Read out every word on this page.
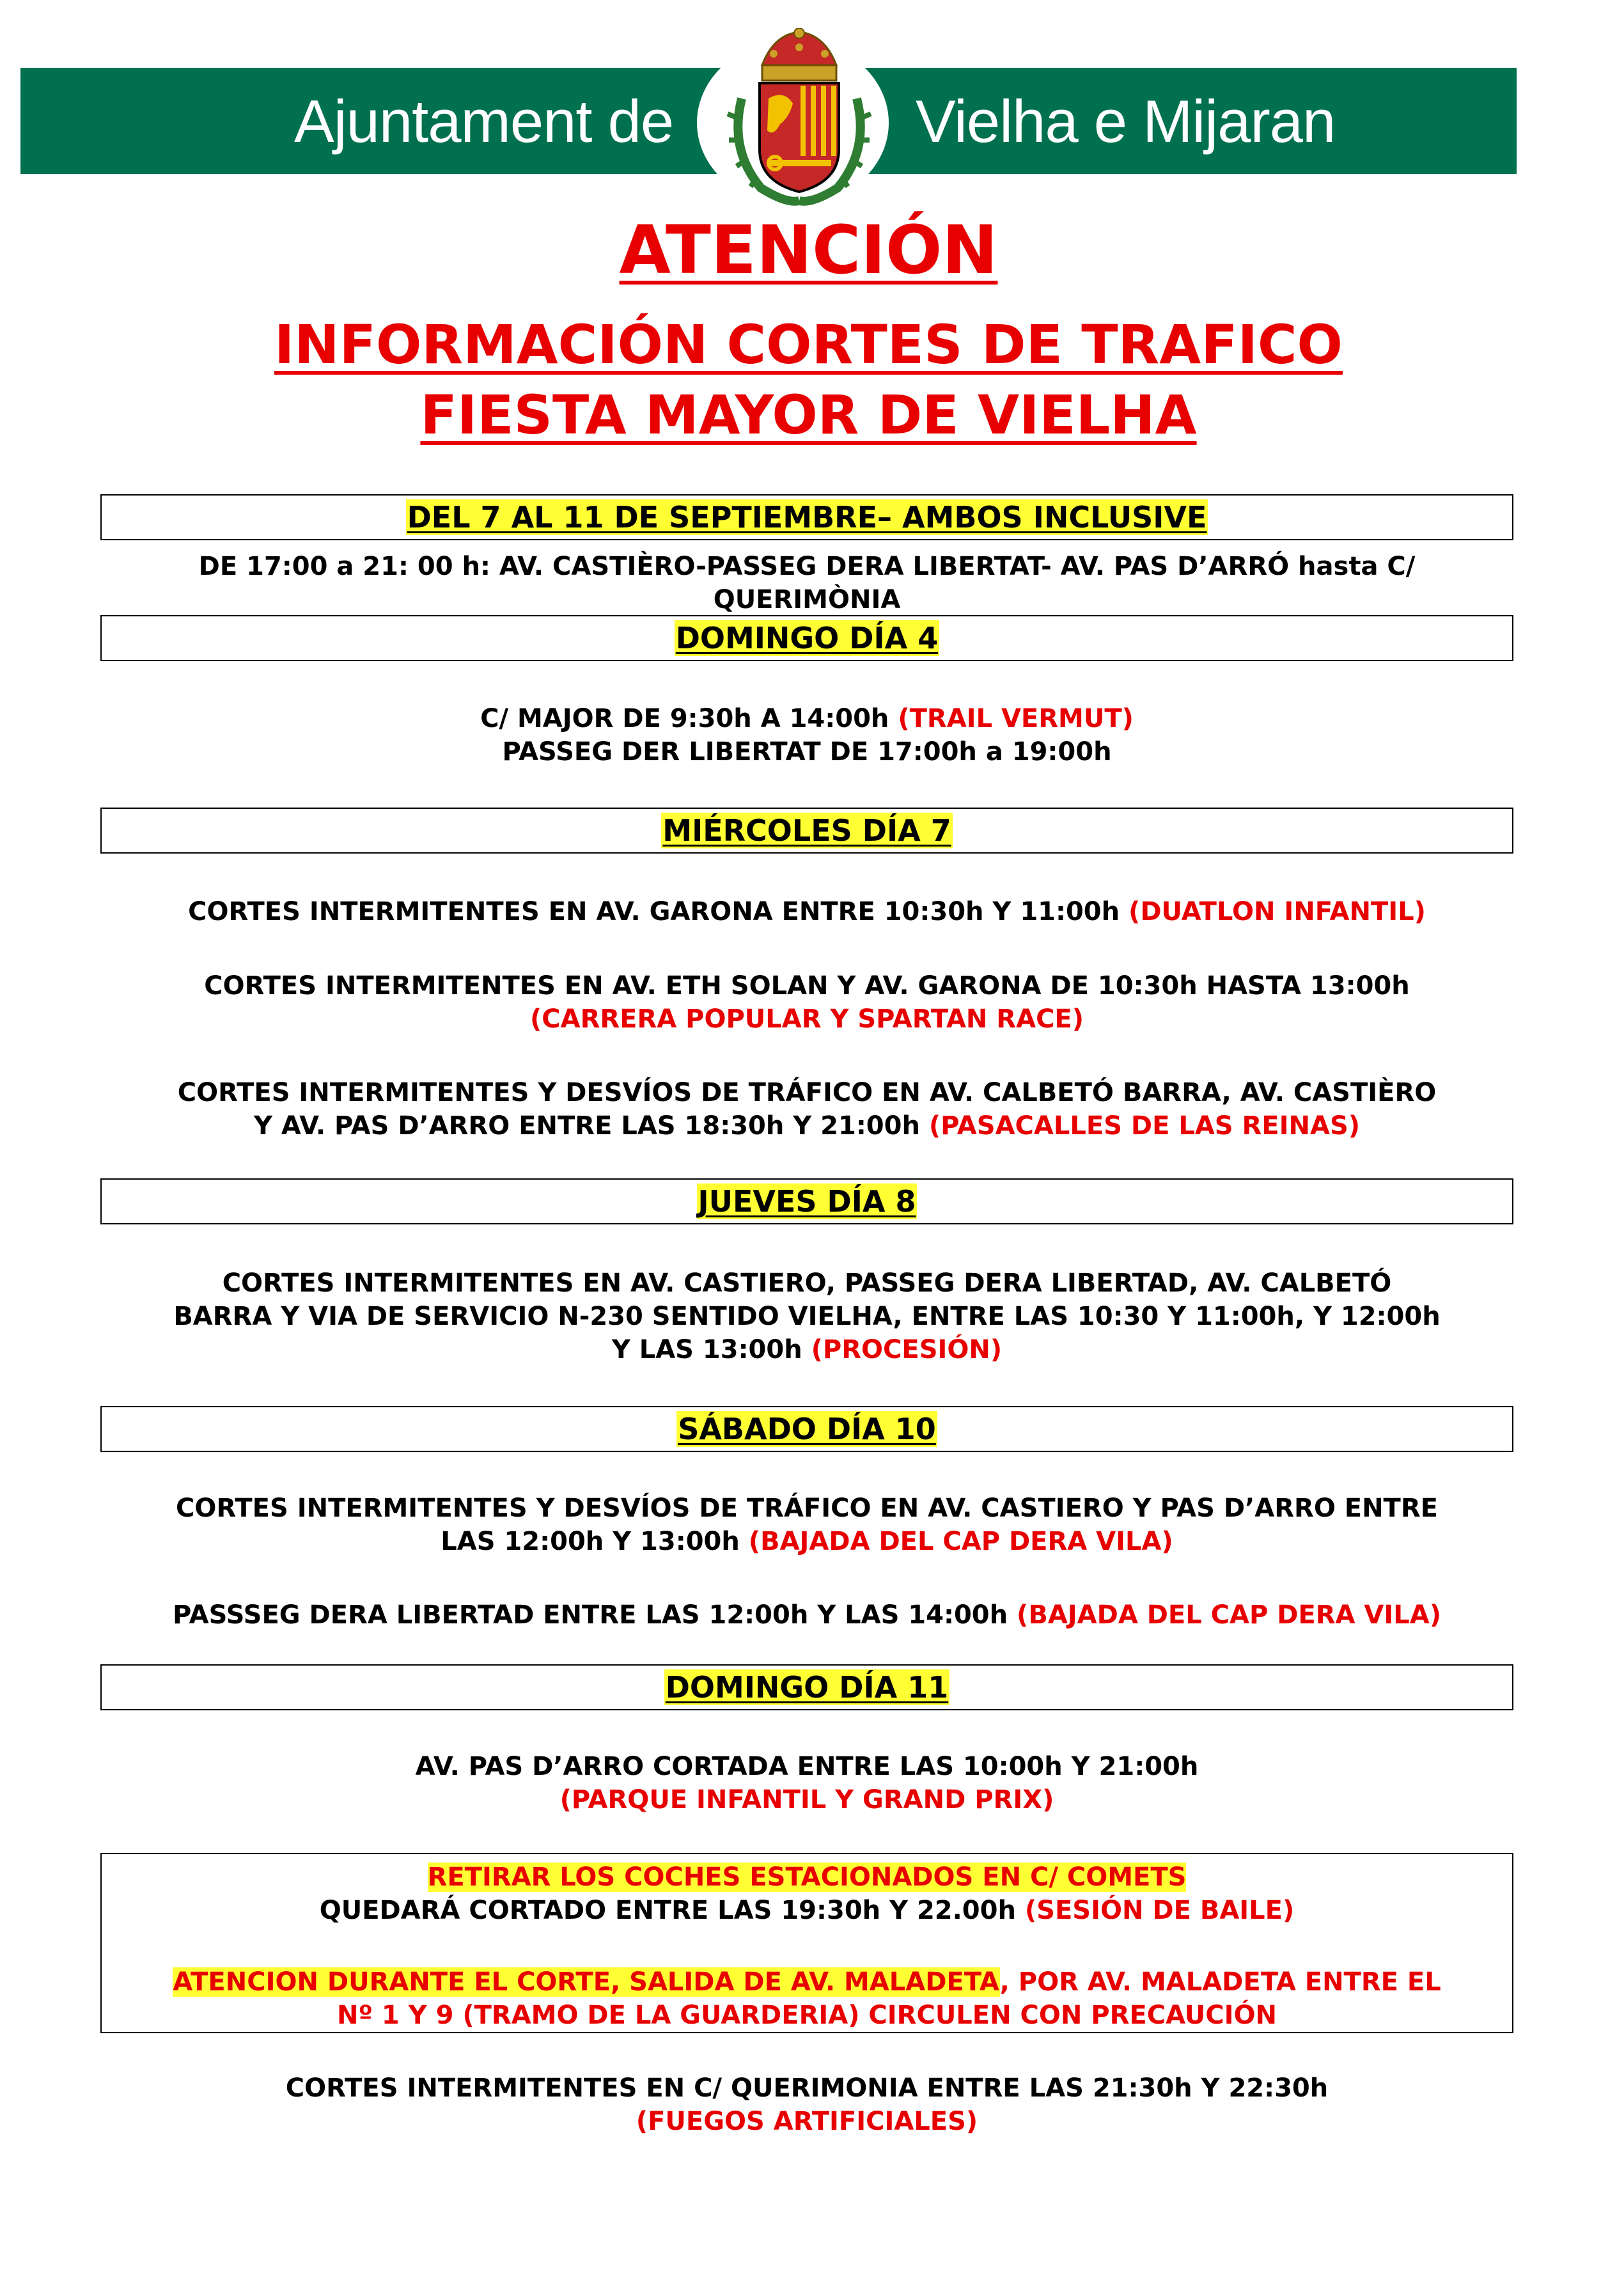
Ajuntament de	Vielha e Mijaran
ATENCIÓN
INFORMACIÓN CORTES DE TRAFICO
FIESTA MAYOR DE VIELHA
DEL 7 AL 11 DE SEPTIEMBRE– AMBOS INCLUSIVE
DE 17:00 a 21: 00 h: AV. CASTIÈRO-PASSEG DERA LIBERTAT- AV. PAS D’ARRÓ hasta C/
QUERIMÒNIA
DOMINGO DÍA 4
C/ MAJOR DE 9:30h A 14:00h (TRAIL VERMUT)
PASSEG DER LIBERTAT DE 17:00h a 19:00h
MIÉRCOLES DÍA 7
CORTES INTERMITENTES EN AV. GARONA ENTRE 10:30h Y 11:00h (DUATLON INFANTIL)
CORTES INTERMITENTES EN AV. ETH SOLAN Y AV. GARONA DE 10:30h HASTA 13:00h
(CARRERA POPULAR Y SPARTAN RACE)
CORTES INTERMITENTES Y DESVÍOS DE TRÁFICO EN AV. CALBETÓ BARRA, AV. CASTIÈRO
Y AV. PAS D’ARRO ENTRE LAS 18:30h Y 21:00h (PASACALLES DE LAS REINAS)
JUEVES DÍA 8
CORTES INTERMITENTES EN AV. CASTIERO, PASSEG DERA LIBERTAD, AV. CALBETÓ
BARRA Y VIA DE SERVICIO N-230 SENTIDO VIELHA, ENTRE LAS 10:30 Y 11:00h, Y 12:00h
Y LAS 13:00h (PROCESIÓN)
SÁBADO DÍA 10
CORTES INTERMITENTES Y DESVÍOS DE TRÁFICO EN AV. CASTIERO Y PAS D’ARRO ENTRE
LAS 12:00h Y 13:00h (BAJADA DEL CAP DERA VILA)
PASSSEG DERA LIBERTAD ENTRE LAS 12:00h Y LAS 14:00h (BAJADA DEL CAP DERA VILA)
DOMINGO DÍA 11
AV. PAS D’ARRO CORTADA ENTRE LAS 10:00h Y 21:00h
(PARQUE INFANTIL Y GRAND PRIX)
RETIRAR LOS COCHES ESTACIONADOS EN C/ COMETS
QUEDARÁ CORTADO ENTRE LAS 19:30h Y 22.00h (SESIÓN DE BAILE)
ATENCION DURANTE EL CORTE, SALIDA DE AV. MALADETA, POR AV. MALADETA ENTRE EL
Nº 1 Y 9 (TRAMO DE LA GUARDERIA) CIRCULEN CON PRECAUCIÓN
CORTES INTERMITENTES EN C/ QUERIMONIA ENTRE LAS 21:30h Y 22:30h
(FUEGOS ARTIFICIALES)
